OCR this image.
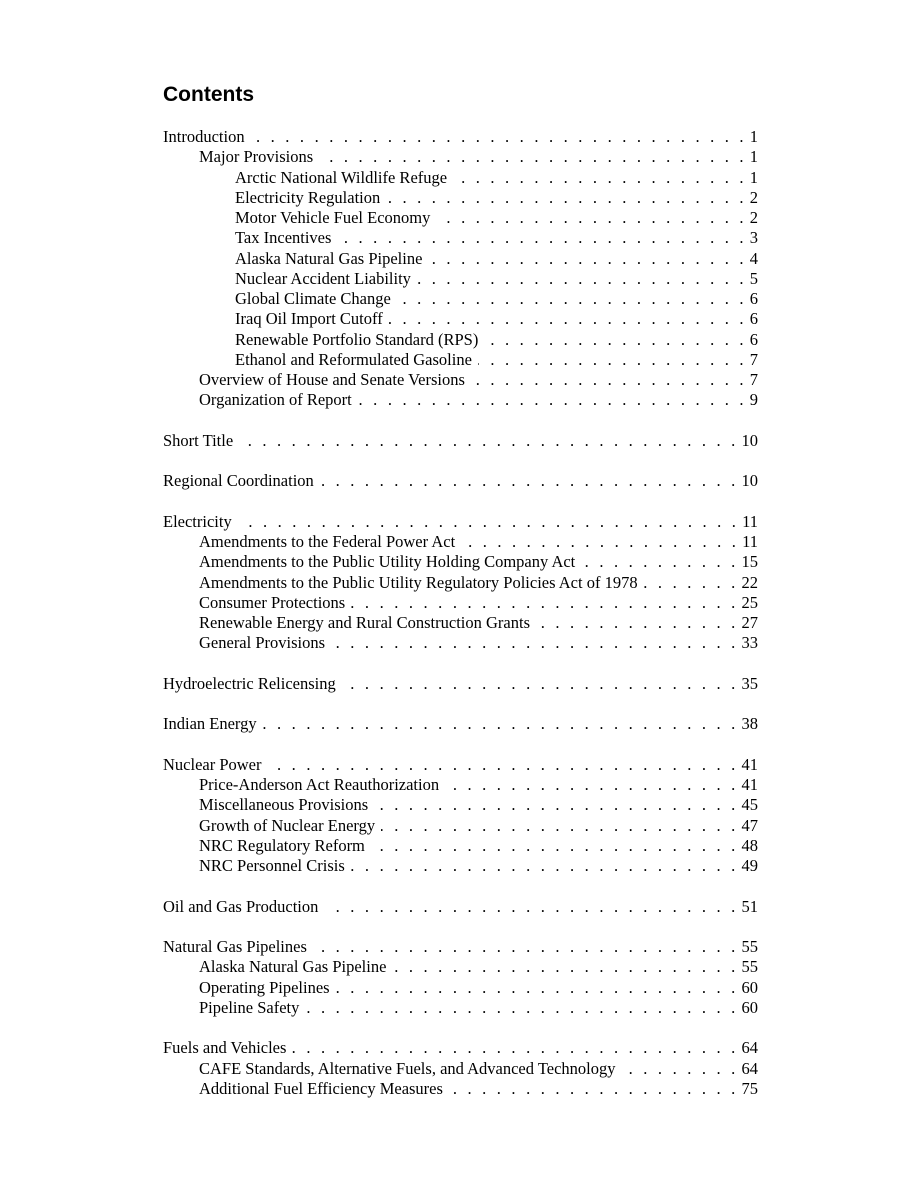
Contents
Introduction . . .	1
Major Provisions . . .	1
Arctic National Wildlife Refuge . . .	1
Electricity Regulation . . .	2
Motor Vehicle Fuel Economy . . .	2
Tax Incentives . . .	3
Alaska Natural Gas Pipeline . . .	4
Nuclear Accident Liability . . .	5
Global Climate Change . . .	6
Iraq Oil Import Cutoff . . .	6
Renewable Portfolio Standard (RPS) . . .	6
Ethanol and Reformulated Gasoline . . .	7
Overview of House and Senate Versions . . .	7
Organization of Report . . .	9
Short Title . . .	10
Regional Coordination . . .	10
Electricity . . .	11
Amendments to the Federal Power Act . . .	11
Amendments to the Public Utility Holding Company Act . . .	15
Amendments to the Public Utility Regulatory Policies Act of 1978 . . .	22
Consumer Protections . . .	25
Renewable Energy and Rural Construction Grants . . .	27
General Provisions . . .	33
Hydroelectric Relicensing . . .	35
Indian Energy . . .	38
Nuclear Power . . .	41
Price-Anderson Act Reauthorization . . .	41
Miscellaneous Provisions . . .	45
Growth of Nuclear Energy . . .	47
NRC Regulatory Reform . . .	48
NRC Personnel Crisis . . .	49
Oil and Gas Production . . .	51
Natural Gas Pipelines . . .	55
Alaska Natural Gas Pipeline . . .	55
Operating Pipelines . . .	60
Pipeline Safety . . .	60
Fuels and Vehicles . . .	64
CAFE Standards, Alternative Fuels, and Advanced Technology . . .	64
Additional Fuel Efficiency Measures . . .	75
